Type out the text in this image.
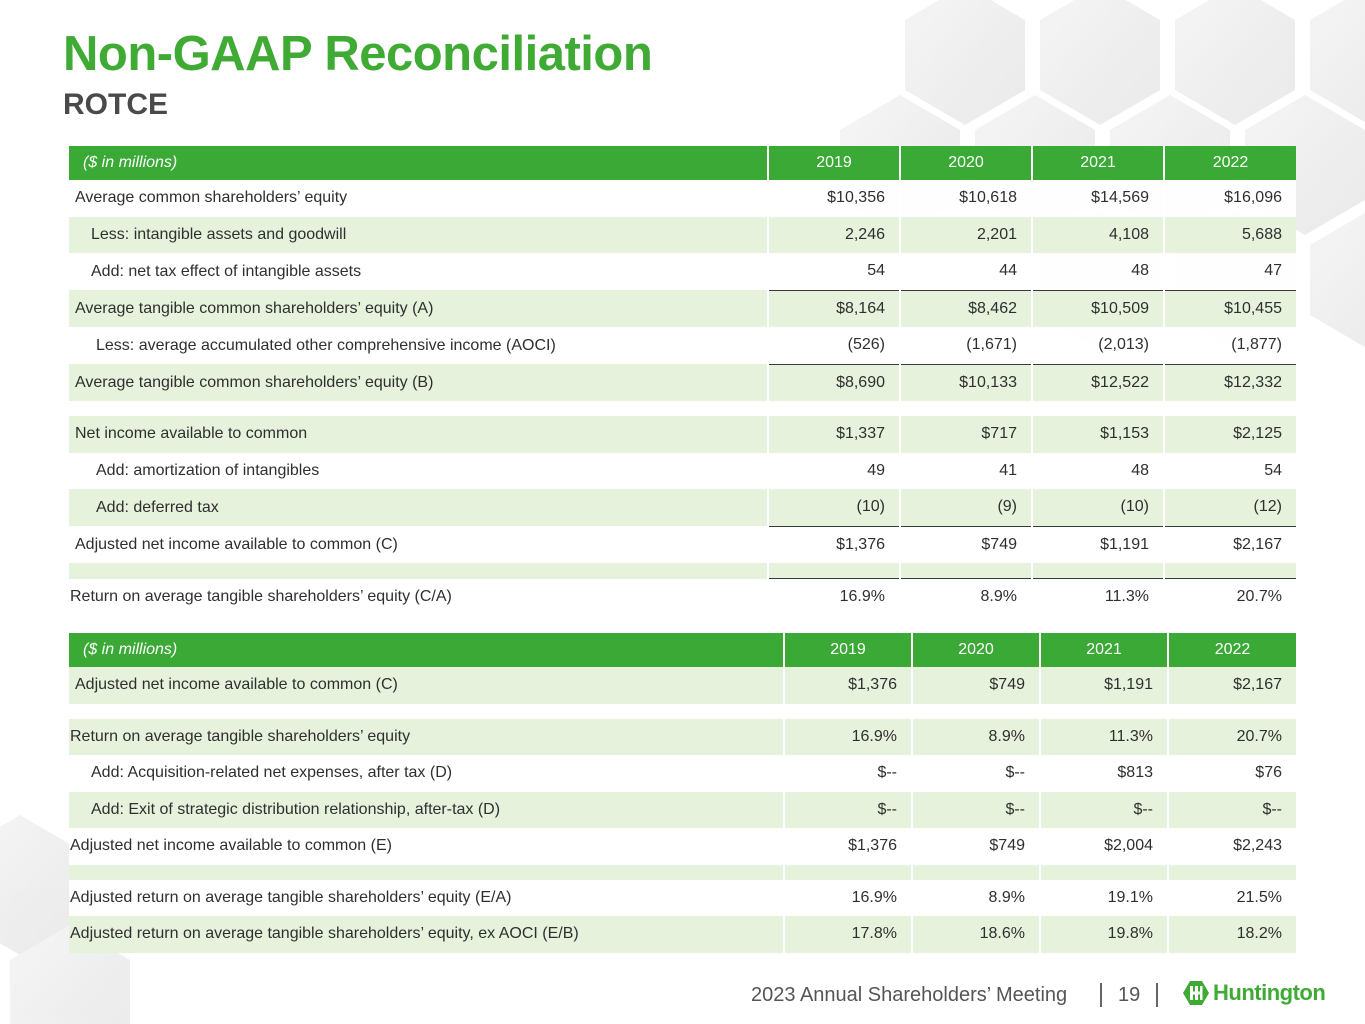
Non-GAAP Reconciliation
ROTCE
($ in millions)	2019	2020	2021	2022
Average common shareholders’ equity	$10,356	$10,618	$14,569	$16,096
Less: intangible assets and goodwill	2,246	2,201	4,108	5,688
Add: net tax effect of intangible assets	54	44	48	47
Average tangible common shareholders’ equity (A)	$8,164	$8,462	$10,509	$10,455
Less: average accumulated other comprehensive income (AOCI)	(526)	(1,671)	(2,013)	(1,877)
Average tangible common shareholders’ equity (B)	$8,690	$10,133	$12,522	$12,332

Net income available to common	$1,337	$717	$1,153	$2,125
Add: amortization of intangibles	49	41	48	54
Add: deferred tax	(10)	(9)	(10)	(12)
Adjusted net income available to common (C)	$1,376	$749	$1,191	$2,167

Return on average tangible shareholders’ equity (C/A)	16.9%	8.9%	11.3%	20.7%
($ in millions)	2019	2020	2021	2022
Adjusted net income available to common (C)	$1,376	$749	$1,191	$2,167

Return on average tangible shareholders’ equity	16.9%	8.9%	11.3%	20.7%
Add: Acquisition-related net expenses, after tax (D)	$--	$--	$813	$76
Add: Exit of strategic distribution relationship, after-tax (D)	$--	$--	$--	$--
Adjusted net income available to common (E)	$1,376	$749	$2,004	$2,243

Adjusted return on average tangible shareholders’ equity (E/A)	16.9%	8.9%	19.1%	21.5%
Adjusted return on average tangible shareholders’ equity, ex AOCI (E/B)	17.8%	18.6%	19.8%	18.2%
2023 Annual Shareholders’ Meeting	19	Huntington
